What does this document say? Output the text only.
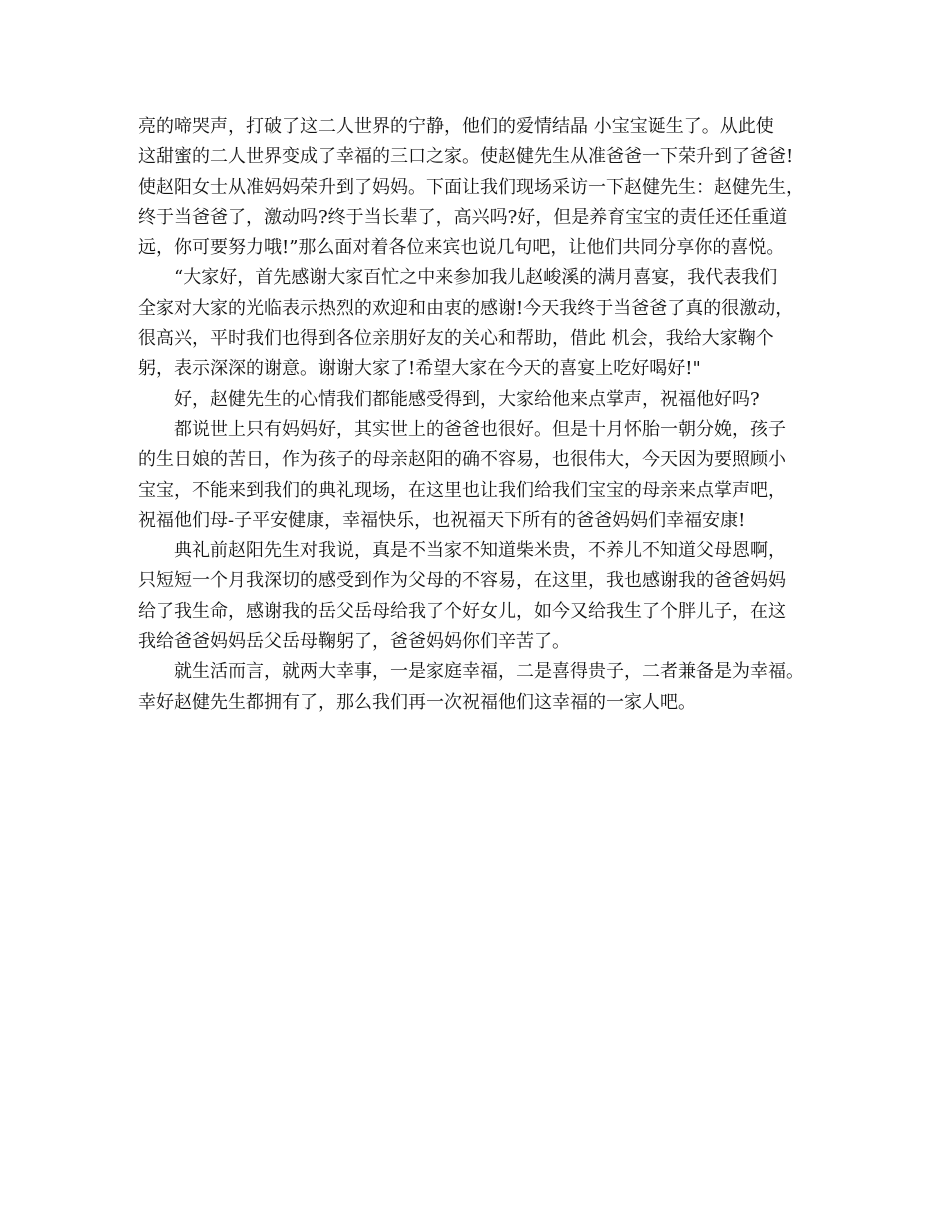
亮的啼哭声，打破了这二人世界的宁静，他们的爱情结晶 小宝宝诞生了。从此使
这甜蜜的二人世界变成了幸福的三口之家。使赵健先生从准爸爸一下荣升到了爸爸!
使赵阳女士从准妈妈荣升到了妈妈。下面让我们现场采访一下赵健先生：赵健先生，
终于当爸爸了，激动吗?终于当长辈了，高兴吗?好，但是养育宝宝的责任还任重道
远，你可要努力哦!”那么面对着各位来宾也说几句吧，让他们共同分享你的喜悦。
“大家好，首先感谢大家百忙之中来参加我儿赵峻溪的满月喜宴，我代表我们
全家对大家的光临表示热烈的欢迎和由衷的感谢!今天我终于当爸爸了真的很激动，
很高兴，平时我们也得到各位亲朋好友的关心和帮助，借此 机会，我给大家鞠个
躬，表示深深的谢意。谢谢大家了!希望大家在今天的喜宴上吃好喝好!"
好，赵健先生的心情我们都能感受得到，大家给他来点掌声，祝福他好吗?
都说世上只有妈妈好，其实世上的爸爸也很好。但是十月怀胎一朝分娩，孩子
的生日娘的苦日，作为孩子的母亲赵阳的确不容易，也很伟大，今天因为要照顾小
宝宝，不能来到我们的典礼现场，在这里也让我们给我们宝宝的母亲来点掌声吧，
祝福他们母-子平安健康，幸福快乐，也祝福天下所有的爸爸妈妈们幸福安康!
典礼前赵阳先生对我说，真是不当家不知道柴米贵，不养儿不知道父母恩啊，
只短短一个月我深切的感受到作为父母的不容易，在这里，我也感谢我的爸爸妈妈
给了我生命，感谢我的岳父岳母给我了个好女儿，如今又给我生了个胖儿子，在这
我给爸爸妈妈岳父岳母鞠躬了，爸爸妈妈你们辛苦了。
就生活而言，就两大幸事，一是家庭幸福，二是喜得贵子，二者兼备是为幸福。
幸好赵健先生都拥有了，那么我们再一次祝福他们这幸福的一家人吧。
